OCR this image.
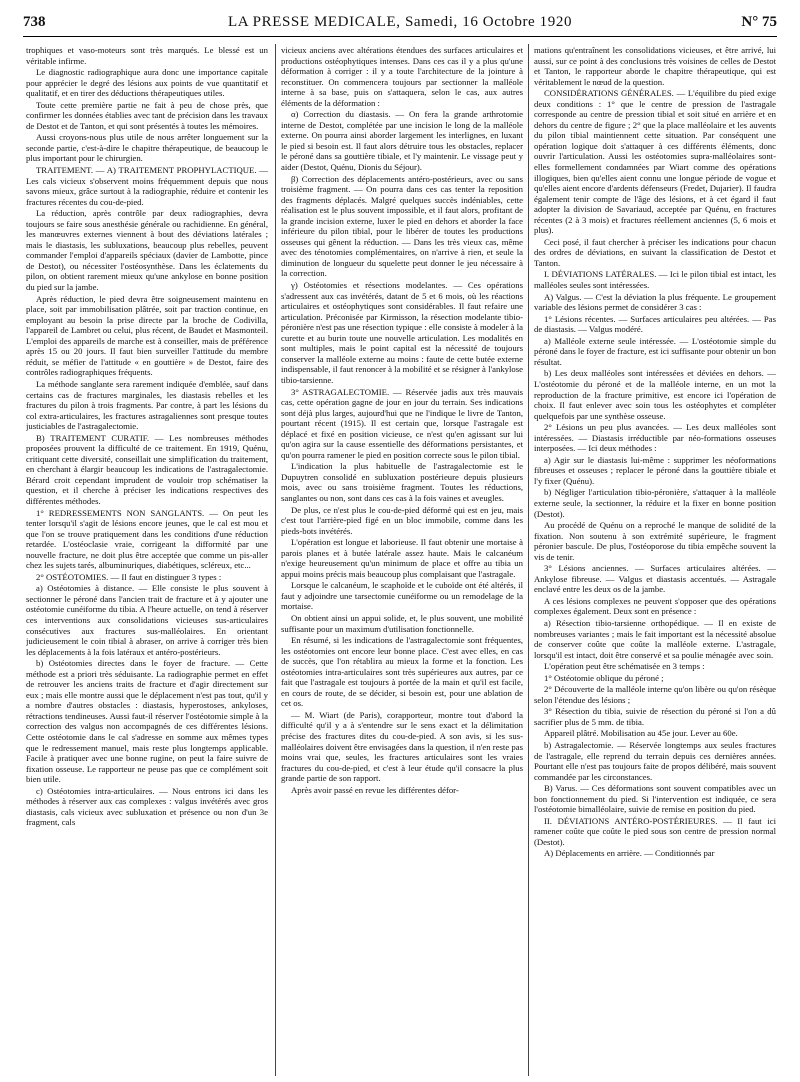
738	LA PRESSE MEDICALE, Samedi, 16 Octobre 1920	N° 75

trophiques et vaso-moteurs sont très marqués. Le blessé est un véritable infirme.

Le diagnostic radiographique aura donc une importance capitale pour apprécier le degré des lésions aux points de vue quantitatif et qualitatif, et en tirer des déductions thérapeutiques utiles.

Toute cette première partie ne fait à peu de chose près, que confirmer les données établies avec tant de précision dans les travaux de Destot et de Tanton, et qui sont présentés à toutes les mémoires.

Aussi croyons-nous plus utile de nous arrêter longuement sur la seconde partie, c'est-à-dire le chapitre thérapeutique, de beaucoup le plus important pour le chirurgien.

TRAITEMENT. — A) TRAITEMENT PROPHYLACTIQUE. — Les cals vicieux s'observent moins fréquemment depuis que nous savons mieux, grâce surtout à la radiographie, réduire et contenir les fractures récentes du cou-de-pied.

La réduction, après contrôle par deux radiographies, devra toujours se faire sous anesthésie générale ou rachidienne. En général, les manœuvres externes viennent à bout des déviations latérales ; mais le diastasis, les subluxations, beaucoup plus rebelles, peuvent commander l'emploi d'appareils spéciaux (davier de Lambotte, pince de Destot), ou nécessiter l'ostéosynthèse. Dans les éclatements du pilon, on obtient rarement mieux qu'une ankylose en bonne position du pied sur la jambe.

Après réduction, le pied devra être soigneusement maintenu en place, soit par immobilisation plâtrée, soit par traction continue, en employant au besoin la prise directe par la broche de Codivilla, l'appareil de Lambret ou celui, plus récent, de Baudet et Masmonteil. L'emploi des appareils de marche est à conseiller, mais de préférence après 15 ou 20 jours. Il faut bien surveiller l'attitude du membre réduit, se méfier de l'attitude « en gouttière » de Destot, faire des contrôles radiographiques fréquents.

La méthode sanglante sera rarement indiquée d'emblée, sauf dans certains cas de fractures marginales, les diastasis rebelles et les fractures du pilon à trois fragments. Par contre, à part les lésions du col extra-articulaires, les fractures astragaliennes sont presque toutes justiciables de l'astragalectomie.

B) TRAITEMENT CURATIF. — Les nombreuses méthodes proposées prouvent la difficulté de ce traitement. En 1919, Quénu, critiquant cette diversité, conseillait une simplification du traitement, en cherchant à élargir beaucoup les indications de l'astragalectomie. Bérard croit cependant imprudent de vouloir trop schématiser la question, et il cherche à préciser les indications respectives des différentes méthodes.

1° REDRESSEMENTS NON SANGLANTS. — On peut les tenter lorsqu'il s'agit de lésions encore jeunes, que le cal est mou et que l'on se trouve pratiquement dans les conditions d'une réduction retardée. L'ostéoclasie vraie, corrigeant la difformité par une nouvelle fracture, ne doit plus être acceptée que comme un pis-aller chez les sujets tarés, albuminuriques, diabétiques, scléreux, etc...

2° OSTÉOTOMIES. — Il faut en distinguer 3 types :

a) Ostéotomies à distance. — Elle consiste le plus souvent à sectionner le péroné dans l'ancien trait de fracture et à y ajouter une ostéotomie cunéiforme du tibia. A l'heure actuelle, on tend à réserver ces interventions aux consolidations vicieuses sus-articulaires consécutives aux fractures sus-malléolaires. En orientant judicieusement le coin tibial à abraser, on arrive à corriger très bien les déplacements à la fois latéraux et antéro-postérieurs.

b) Ostéotomies directes dans le foyer de fracture. — Cette méthode est a priori très séduisante. La radiographie permet en effet de retrouver les anciens traits de fracture et d'agir directement sur eux ; mais elle montre aussi que le déplacement n'est pas tout, qu'il y a nombre d'autres obstacles : diastasis, hyperostoses, ankyloses, rétractions tendineuses. Aussi faut-il réserver l'ostéotomie simple à la correction des valgus non accompagnés de ces différentes lésions. Cette ostéotomie dans le cal s'adresse en somme aux mêmes types que le redressement manuel, mais reste plus longtemps applicable. Facile à pratiquer avec une bonne rugine, on peut la faire suivre de fixation osseuse. Le rapporteur ne peuse pas que ce complément soit bien utile.

c) Ostéotomies intra-articulaires. — Nous entrons ici dans les méthodes à réserver aux cas complexes : valgus invétérés avec gros diastasis, cals vicieux avec subluxation et présence ou non d'un 3e fragment, cals

vicieux anciens avec altérations étendues des surfaces articulaires et productions ostéophytiques intenses. Dans ces cas il y a plus qu'une déformation à corriger : il y a toute l'architecture de la jointure à reconstituer. On commencera toujours par sectionner la malléole interne à sa base, puis on s'attaquera, selon le cas, aux autres éléments de la déformation :

α) Correction du diastasis. — On fera la grande arthrotomie interne de Destot, complétée par une incision le long de la malléole externe. On pourra ainsi aborder largement les interlignes, en luxant le pied si besoin est. Il faut alors détruire tous les obstacles, replacer le péroné dans sa gouttière tibiale, et l'y maintenir. Le vissage peut y aider (Destot, Quénu, Dionis du Séjour).

β) Correction des déplacements antéro-postérieurs, avec ou sans troisième fragment. — On pourra dans ces cas tenter la reposition des fragments déplacés. Malgré quelques succès indéniables, cette réalisation est le plus souvent impossible, et il faut alors, profitant de la grande incision externe, luxer le pied en dehors et aborder la face inférieure du pilon tibial, pour le libérer de toutes les productions osseuses qui gênent la réduction. — Dans les très vieux cas, même avec des ténotomies complémentaires, on n'arrive à rien, et seule la diminution de longueur du squelette peut donner le jeu nécessaire à la correction.

γ) Ostéotomies et résections modelantes. — Ces opérations s'adressent aux cas invétérés, datant de 5 et 6 mois, où les réactions articulaires et ostéophytiques sont considérables. Il faut refaire une articulation. Préconisée par Kirmisson, la résection modelante tibio-péronière n'est pas une résection typique : elle consiste à modeler à la curette et au burin toute une nouvelle articulation. Les modalités en sont multiples, mais le point capital est la nécessité de toujours conserver la malléole externe au moins : faute de cette butée externe indispensable, il faut renoncer à la mobilité et se résigner à l'ankylose tibio-tarsienne.

3° ASTRAGALECTOMIE. — Réservée jadis aux très mauvais cas, cette opération gagne de jour en jour du terrain. Ses indications sont déjà plus larges, aujourd'hui que ne l'indique le livre de Tanton, pourtant récent (1915). Il est certain que, lorsque l'astragale est déplacé et fixé en position vicieuse, ce n'est qu'en agissant sur lui qu'on agira sur la cause essentielle des déformations persistantes, et qu'on pourra ramener le pied en position correcte sous le pilon tibial.

L'indication la plus habituelle de l'astragalectomie est le Dupuytren consolidé en subluxation postérieure depuis plusieurs mois, avec ou sans troisième fragment. Toutes les réductions, sanglantes ou non, sont dans ces cas à la fois vaines et aveugles.

De plus, ce n'est plus le cou-de-pied déformé qui est en jeu, mais c'est tout l'arrière-pied figé en un bloc immobile, comme dans les pieds-bots invétérés.

L'opération est longue et laborieuse. Il faut obtenir une mortaise à parois planes et à butée latérale assez haute. Mais le calcanéum n'exige heureusement qu'un minimum de place et offre au tibia un appui moins précis mais beaucoup plus complaisant que l'astragale.

Lorsque le calcanéum, le scaphoïde et le cuboïde ont été altérés, il faut y adjoindre une tarsectomie cunéiforme ou un remodelage de la mortaise.

On obtient ainsi un appui solide, et, le plus souvent, une mobilité suffisante pour un maximum d'utilisation fonctionnelle.

En résumé, si les indications de l'astragalectomie sont fréquentes, les ostéotomies ont encore leur bonne place. C'est avec elles, en cas de succès, que l'on rétablira au mieux la forme et la fonction. Les ostéotomies intra-articulaires sont très supérieures aux autres, par ce fait que l'astragale est toujours à portée de la main et qu'il est facile, en cours de route, de se décider, si besoin est, pour une ablation de cet os.

— M. Wiart (de Paris), corapporteur, montre tout d'abord la difficulté qu'il y a à s'entendre sur le sens exact et la délimitation précise des fractures dites du cou-de-pied. A son avis, si les sus-malléolaires doivent être envisagées dans la question, il n'en reste pas moins vrai que, seules, les fractures articulaires sont les vraies fractures du cou-de-pied, et c'est à leur étude qu'il consacre la plus grande partie de son rapport.

Après avoir passé en revue les différentes défor-

mations qu'entraînent les consolidations vicieuses, et être arrivé, lui aussi, sur ce point à des conclusions très voisines de celles de Destot et Tanton, le rapporteur aborde le chapitre thérapeutique, qui est véritablement le nœud de la question.

CONSIDÉRATIONS GÉNÉRALES. — L'équilibre du pied exige deux conditions : 1° que le centre de pression de l'astragale corresponde au centre de pression tibial et soit situé en arrière et en dehors du centre de figure ; 2° que la place malléolaire et les auvents du pilon tibial maintiennent cette situation. Par conséquent une opération logique doit s'attaquer à ces différents éléments, donc ouvrir l'articulation. Aussi les ostéotomies supra-malléolaires sont-elles formellement condamnées par Wiart comme des opérations illogiques, bien qu'elles aient connu une longue période de vogue et qu'elles aient encore d'ardents défenseurs (Fredet, Dujarier). Il faudra également tenir compte de l'âge des lésions, et à cet égard il faut adopter la division de Savariaud, acceptée par Quénu, en fractures récentes (2 à 3 mois) et fractures réellement anciennes (5, 6 mois et plus).

Ceci posé, il faut chercher à préciser les indications pour chacun des ordres de déviations, en suivant la classification de Destot et Tanton.

I. DÉVIATIONS LATÉRALES. — Ici le pilon tibial est intact, les malléoles seules sont intéressées.

A) Valgus. — C'est la déviation la plus fréquente. Le groupement variable des lésions permet de considérer 3 cas :

1° Lésions récentes. — Surfaces articulaires peu altérées. — Pas de diastasis. — Valgus modéré.

a) Malléole externe seule intéressée. — L'ostéotomie simple du péroné dans le foyer de fracture, est ici suffisante pour obtenir un bon résultat.

b) Les deux malléoles sont intéressées et déviées en dehors. — L'ostéotomie du péroné et de la malléole interne, en un mot la reproduction de la fracture primitive, est encore ici l'opération de choix. Il faut enlever avec soin tous les ostéophytes et compléter quelquefois par une synthèse osseuse.

2° Lésions un peu plus avancées. — Les deux malléoles sont intéressées. — Diastasis irréductible par néo-formations osseuses interposées. — Ici deux méthodes :

a) Agir sur le diastasis lui-même : supprimer les néoformations fibreuses et osseuses ; replacer le péroné dans la gouttière tibiale et l'y fixer (Quénu).

b) Négliger l'articulation tibio-péronière, s'attaquer à la malléole externe seule, la sectionner, la réduire et la fixer en bonne position (Destot).

Au procédé de Quénu on a reproché le manque de solidité de la fixation. Non soutenu à son extrémité supérieure, le fragment péronier bascule. De plus, l'ostéoporose du tibia empêche souvent la vis de tenir.

3° Lésions anciennes. — Surfaces articulaires altérées. — Ankylose fibreuse. — Valgus et diastasis accentués. — Astragale enclavé entre les deux os de la jambe.

A ces lésions complexes ne peuvent s'opposer que des opérations complexes également. Deux sont en présence :

a) Résection tibio-tarsienne orthopédique. — Il en existe de nombreuses variantes ; mais le fait important est la nécessité absolue de conserver coûte que coûte la malléole externe. L'astragale, lorsqu'il est intact, doit être conservé et sa poulie ménagée avec soin.

L'opération peut être schématisée en 3 temps :

1° Ostéotomie oblique du péroné ;

2° Découverte de la malléole interne qu'on libère ou qu'on résèque selon l'étendue des lésions ;

3° Résection du tibia, suivie de résection du péroné si l'on a dû sacrifier plus de 5 mm. de tibia.

Appareil plâtré. Mobilisation au 45e jour. Lever au 60e.

b) Astragalectomie. — Réservée longtemps aux seules fractures de l'astragale, elle reprend du terrain depuis ces dernières années. Pourtant elle n'est pas toujours faite de propos délibéré, mais souvent commandée par les circonstances.

B) Varus. — Ces déformations sont souvent compatibles avec un bon fonctionnement du pied. Si l'intervention est indiquée, ce sera l'ostéotomie bimalléolaire, suivie de remise en position du pied.

II. DÉVIATIONS ANTÉRO-POSTÉRIEURES. — Il faut ici ramener coûte que coûte le pied sous son centre de pression normal (Destot).

A) Déplacements en arrière. — Conditionnés par
